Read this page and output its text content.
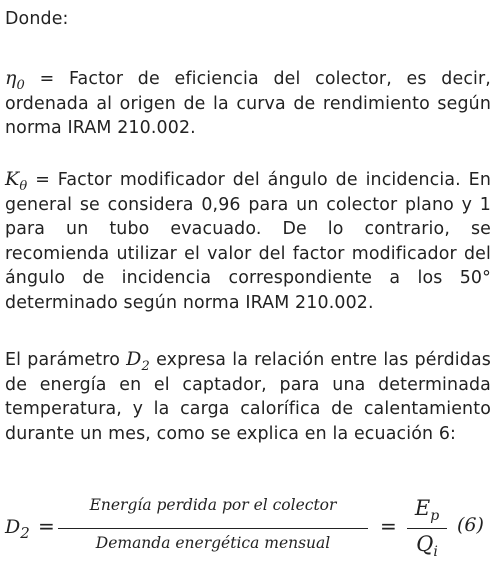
Donde:

$\eta_0$ = Factor de eficiencia del colector, es decir, ordenada al origen de la curva de rendimiento según norma IRAM 210.002.

$K_\theta$ = Factor modificador del ángulo de incidencia. En general se considera 0,96 para un colector plano y 1 para un tubo evacuado. De lo contrario, se recomienda utilizar el valor del factor modificador del ángulo de incidencia correspondiente a los 50° determinado según norma IRAM 210.002.

El parámetro $D_2$ expresa la relación entre las pérdidas de energía en el captador, para una determinada temperatura, y la carga calorífica de calentamiento durante un mes, como se explica en la ecuación 6:

$D_2$ =
Energía perdida por el colector
Demanda energética mensual
=
$E_p$
$Q_i$
(6)
